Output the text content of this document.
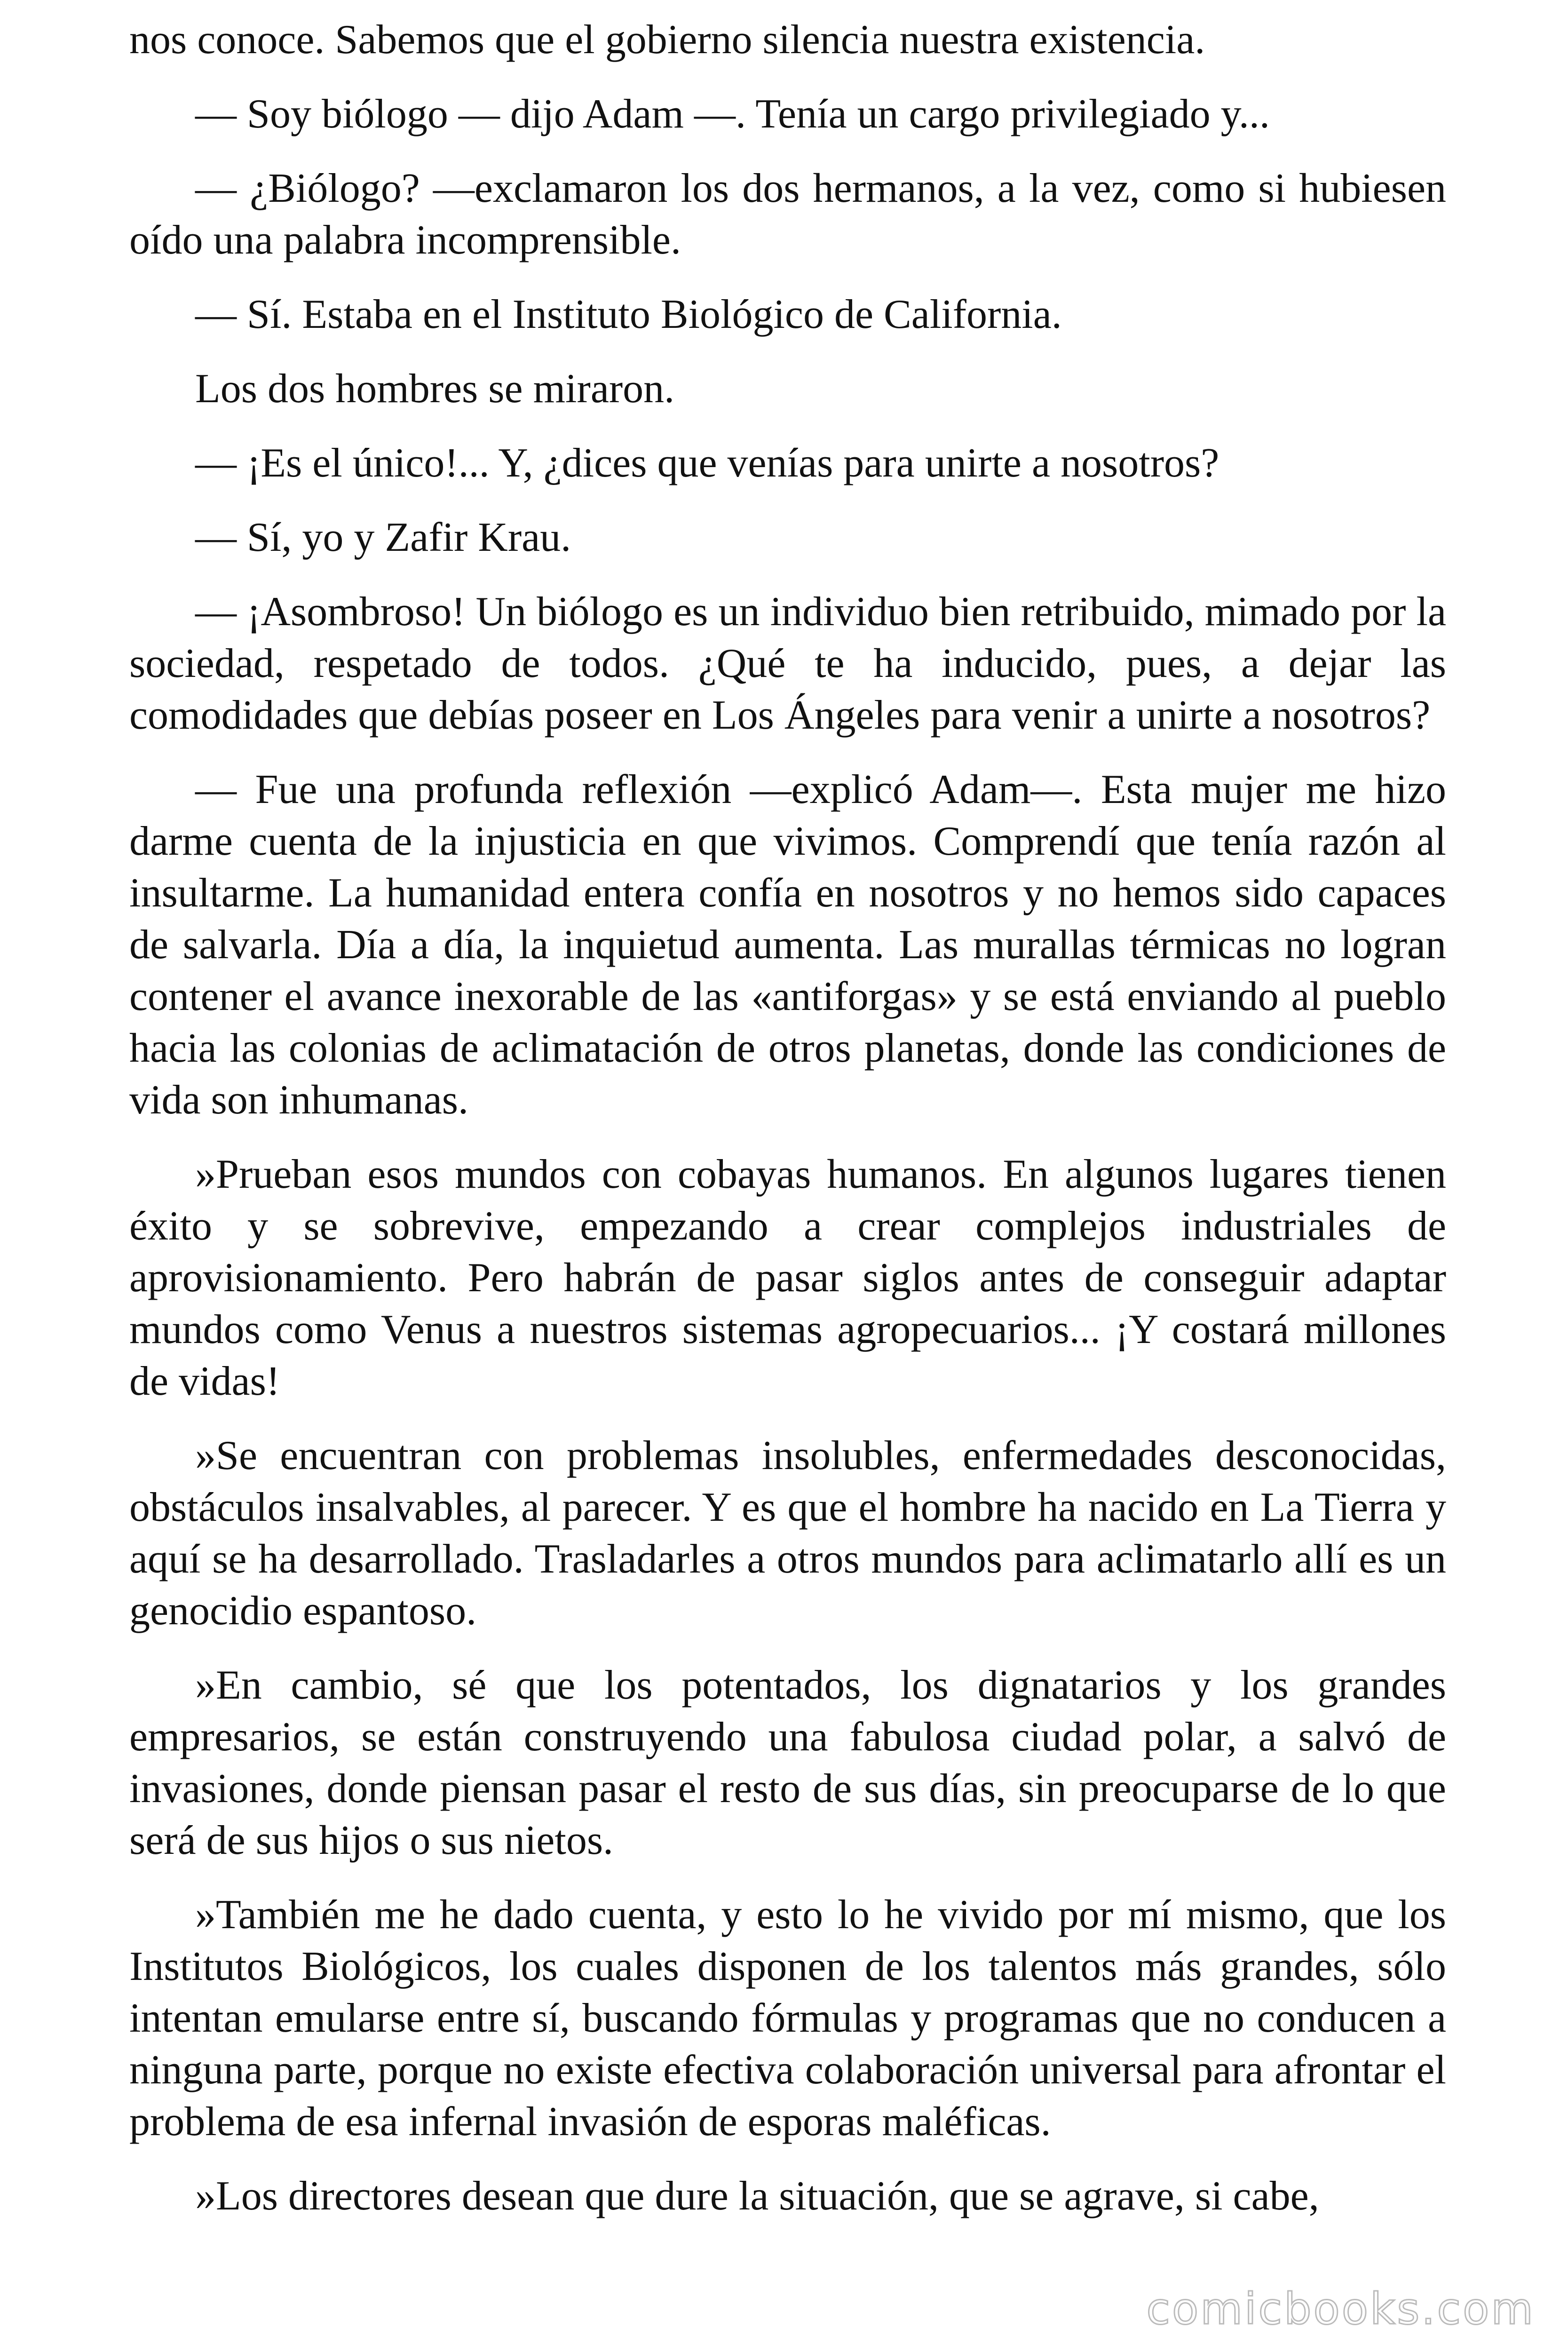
nos conoce. Sabemos que el gobierno silencia nuestra existencia.

— Soy biólogo — dijo Adam —. Tenía un cargo privilegiado y...

— ¿Biólogo? —exclamaron los dos hermanos, a la vez, como si hubiesen oído una palabra incomprensible.

— Sí. Estaba en el Instituto Biológico de California.

Los dos hombres se miraron.

— ¡Es el único!... Y, ¿dices que venías para unirte a nosotros?

— Sí, yo y Zafir Krau.

— ¡Asombroso! Un biólogo es un individuo bien retribuido, mimado por la sociedad, respetado de todos. ¿Qué te ha inducido, pues, a dejar las comodidades que debías poseer en Los Ángeles para venir a unirte a nosotros?

— Fue una profunda reflexión —explicó Adam—. Esta mujer me hizo darme cuenta de la injusticia en que vivimos. Comprendí que tenía razón al insultarme. La humanidad entera confía en nosotros y no hemos sido capaces de salvarla. Día a día, la inquietud aumenta. Las murallas térmicas no logran contener el avance inexorable de las «antiforgas» y se está enviando al pueblo hacia las colonias de aclimatación de otros planetas, donde las condiciones de vida son inhumanas.

»Prueban esos mundos con cobayas humanos. En algunos lugares tienen éxito y se sobrevive, empezando a crear complejos industriales de aprovisionamiento. Pero habrán de pasar siglos antes de conseguir adaptar mundos como Venus a nuestros sistemas agropecuarios... ¡Y costará millones de vidas!

»Se encuentran con problemas insolubles, enfermedades desconocidas, obstáculos insalvables, al parecer. Y es que el hombre ha nacido en La Tierra y aquí se ha desarrollado. Trasladarles a otros mundos para aclimatarlo allí es un genocidio espantoso.

»En cambio, sé que los potentados, los dignatarios y los grandes empresarios, se están construyendo una fabulosa ciudad polar, a salvó de invasiones, donde piensan pasar el resto de sus días, sin preocuparse de lo que será de sus hijos o sus nietos.

»También me he dado cuenta, y esto lo he vivido por mí mismo, que los Institutos Biológicos, los cuales disponen de los talentos más grandes, sólo intentan emularse entre sí, buscando fórmulas y programas que no conducen a ninguna parte, porque no existe efectiva colaboración universal para afrontar el problema de esa infernal invasión de esporas maléficas.

»Los directores desean que dure la situación, que se agrave, si cabe,

comicbooks.com
